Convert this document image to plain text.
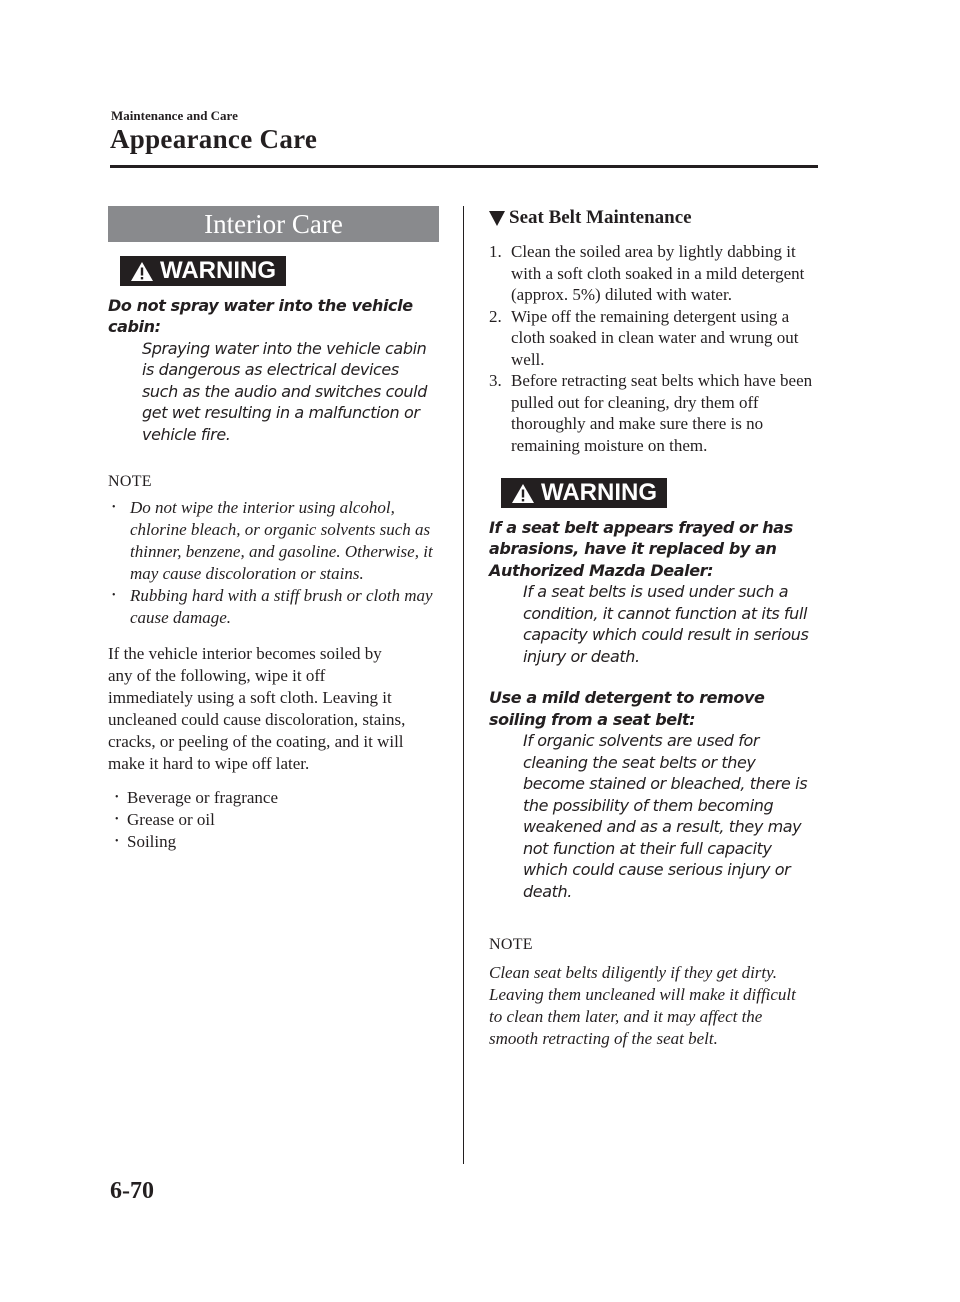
Maintenance and Care
Appearance Care
Interior Care
WARNING
Do not spray water into the vehicle cabin:
Spraying water into the vehicle cabin is dangerous as electrical devices such as the audio and switches could get wet resulting in a malfunction or vehicle fire.
NOTE
• Do not wipe the interior using alcohol, chlorine bleach, or organic solvents such as thinner, benzene, and gasoline. Otherwise, it may cause discoloration or stains.
• Rubbing hard with a stiff brush or cloth may cause damage.
If the vehicle interior becomes soiled by any of the following, wipe it off immediately using a soft cloth. Leaving it uncleaned could cause discoloration, stains, cracks, or peeling of the coating, and it will make it hard to wipe off later.
• Beverage or fragrance
• Grease or oil
• Soiling
Seat Belt Maintenance
1. Clean the soiled area by lightly dabbing it with a soft cloth soaked in a mild detergent (approx. 5%) diluted with water.
2. Wipe off the remaining detergent using a cloth soaked in clean water and wrung out well.
3. Before retracting seat belts which have been pulled out for cleaning, dry them off thoroughly and make sure there is no remaining moisture on them.
WARNING
If a seat belt appears frayed or has abrasions, have it replaced by an Authorized Mazda Dealer:
If a seat belts is used under such a condition, it cannot function at its full capacity which could result in serious injury or death.
Use a mild detergent to remove soiling from a seat belt:
If organic solvents are used for cleaning the seat belts or they become stained or bleached, there is the possibility of them becoming weakened and as a result, they may not function at their full capacity which could cause serious injury or death.
NOTE
Clean seat belts diligently if they get dirty. Leaving them uncleaned will make it difficult to clean them later, and it may affect the smooth retracting of the seat belt.
6-70
